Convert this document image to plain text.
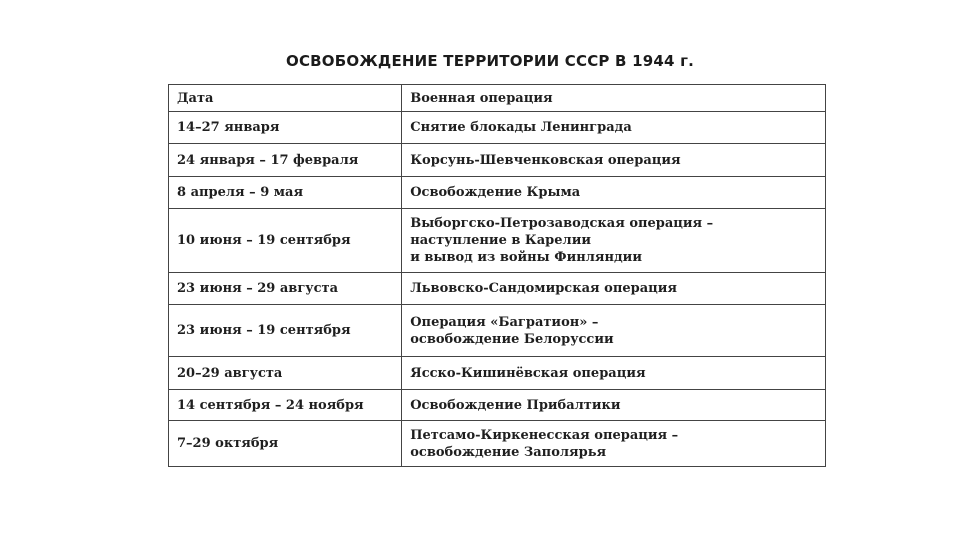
ОСВОБОЖДЕНИЕ ТЕРРИТОРИИ СССР В 1944 г.
Дата	Военная операция
14–27 января	Снятие блокады Ленинграда

24 января – 17 февраля	Корсунь-Шевченковская операция

8 апреля – 9 мая	Освобождение Крыма

10 июня – 19 сентября	Выборгско-Петрозаводская операция –
наступление в Карелии
и вывод из войны Финляндии

23 июня – 29 августа	Львовско-Сандомирская операция

23 июня – 19 сентября	Операция «Багратион» –
освобождение Белоруссии

20–29 августа	Ясско-Кишинёвская операция

14 сентября – 24 ноября	Освобождение Прибалтики

7–29 октября	Петсамо-Киркенесская операция –
освобождение Заполярья
